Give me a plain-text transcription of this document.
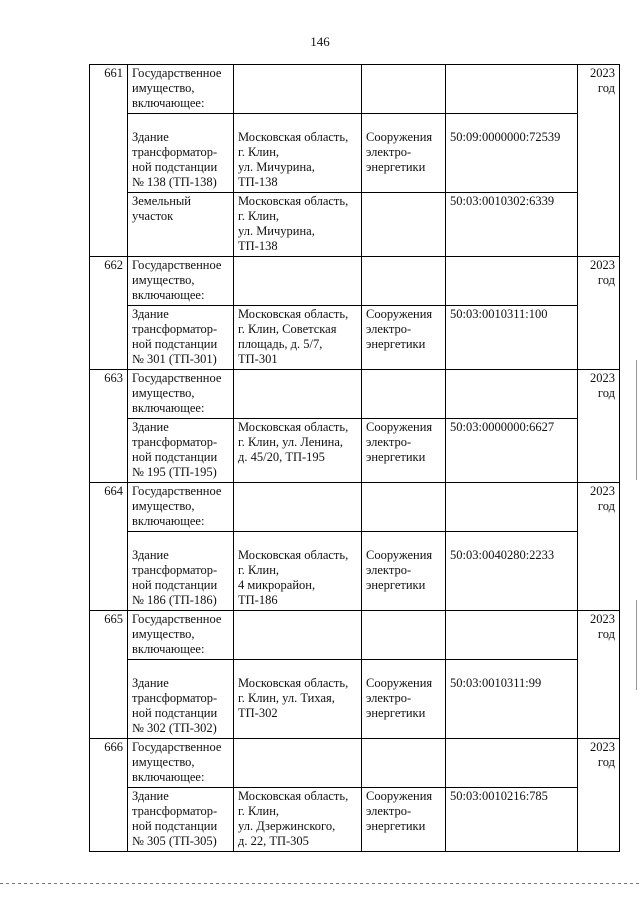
146
661	Государственное
имущество,
включающее:				2023
год

	Здание
трансформатор-
ной подстанции
№ 138 (ТП-138)	Московская область,
г. Клин,
ул. Мичурина,
ТП-138	Сооружения
электро-
энергетики	50:09:0000000:72539	

	Земельный
участок	Московская область,
г. Клин,
ул. Мичурина,
ТП-138		50:03:0010302:6339	

662	Государственное
имущество,
включающее:				2023
год

	Здание
трансформатор-
ной подстанции
№ 301 (ТП-301)	Московская область,
г. Клин, Советская
площадь, д. 5/7,
ТП-301	Сооружения
электро-
энергетики	50:03:0010311:100	

663	Государственное
имущество,
включающее:				2023
год

	Здание
трансформатор-
ной подстанции
№ 195 (ТП-195)	Московская область,
г. Клин, ул. Ленина,
д. 45/20, ТП-195	Сооружения
электро-
энергетики	50:03:0000000:6627	

664	Государственное
имущество,
включающее:				2023
год

	Здание
трансформатор-
ной подстанции
№ 186 (ТП-186)	Московская область,
г. Клин,
4 микрорайон,
ТП-186	Сооружения
электро-
энергетики	50:03:0040280:2233	

665	Государственное
имущество,
включающее:				2023
год

	Здание
трансформатор-
ной подстанции
№ 302 (ТП-302)	Московская область,
г. Клин, ул. Тихая,
ТП-302	Сооружения
электро-
энергетики	50:03:0010311:99	

666	Государственное
имущество,
включающее:				2023
год

	Здание
трансформатор-
ной подстанции
№ 305 (ТП-305)	Московская область,
г. Клин,
ул. Дзержинского,
д. 22, ТП-305	Сооружения
электро-
энергетики	50:03:0010216:785	
